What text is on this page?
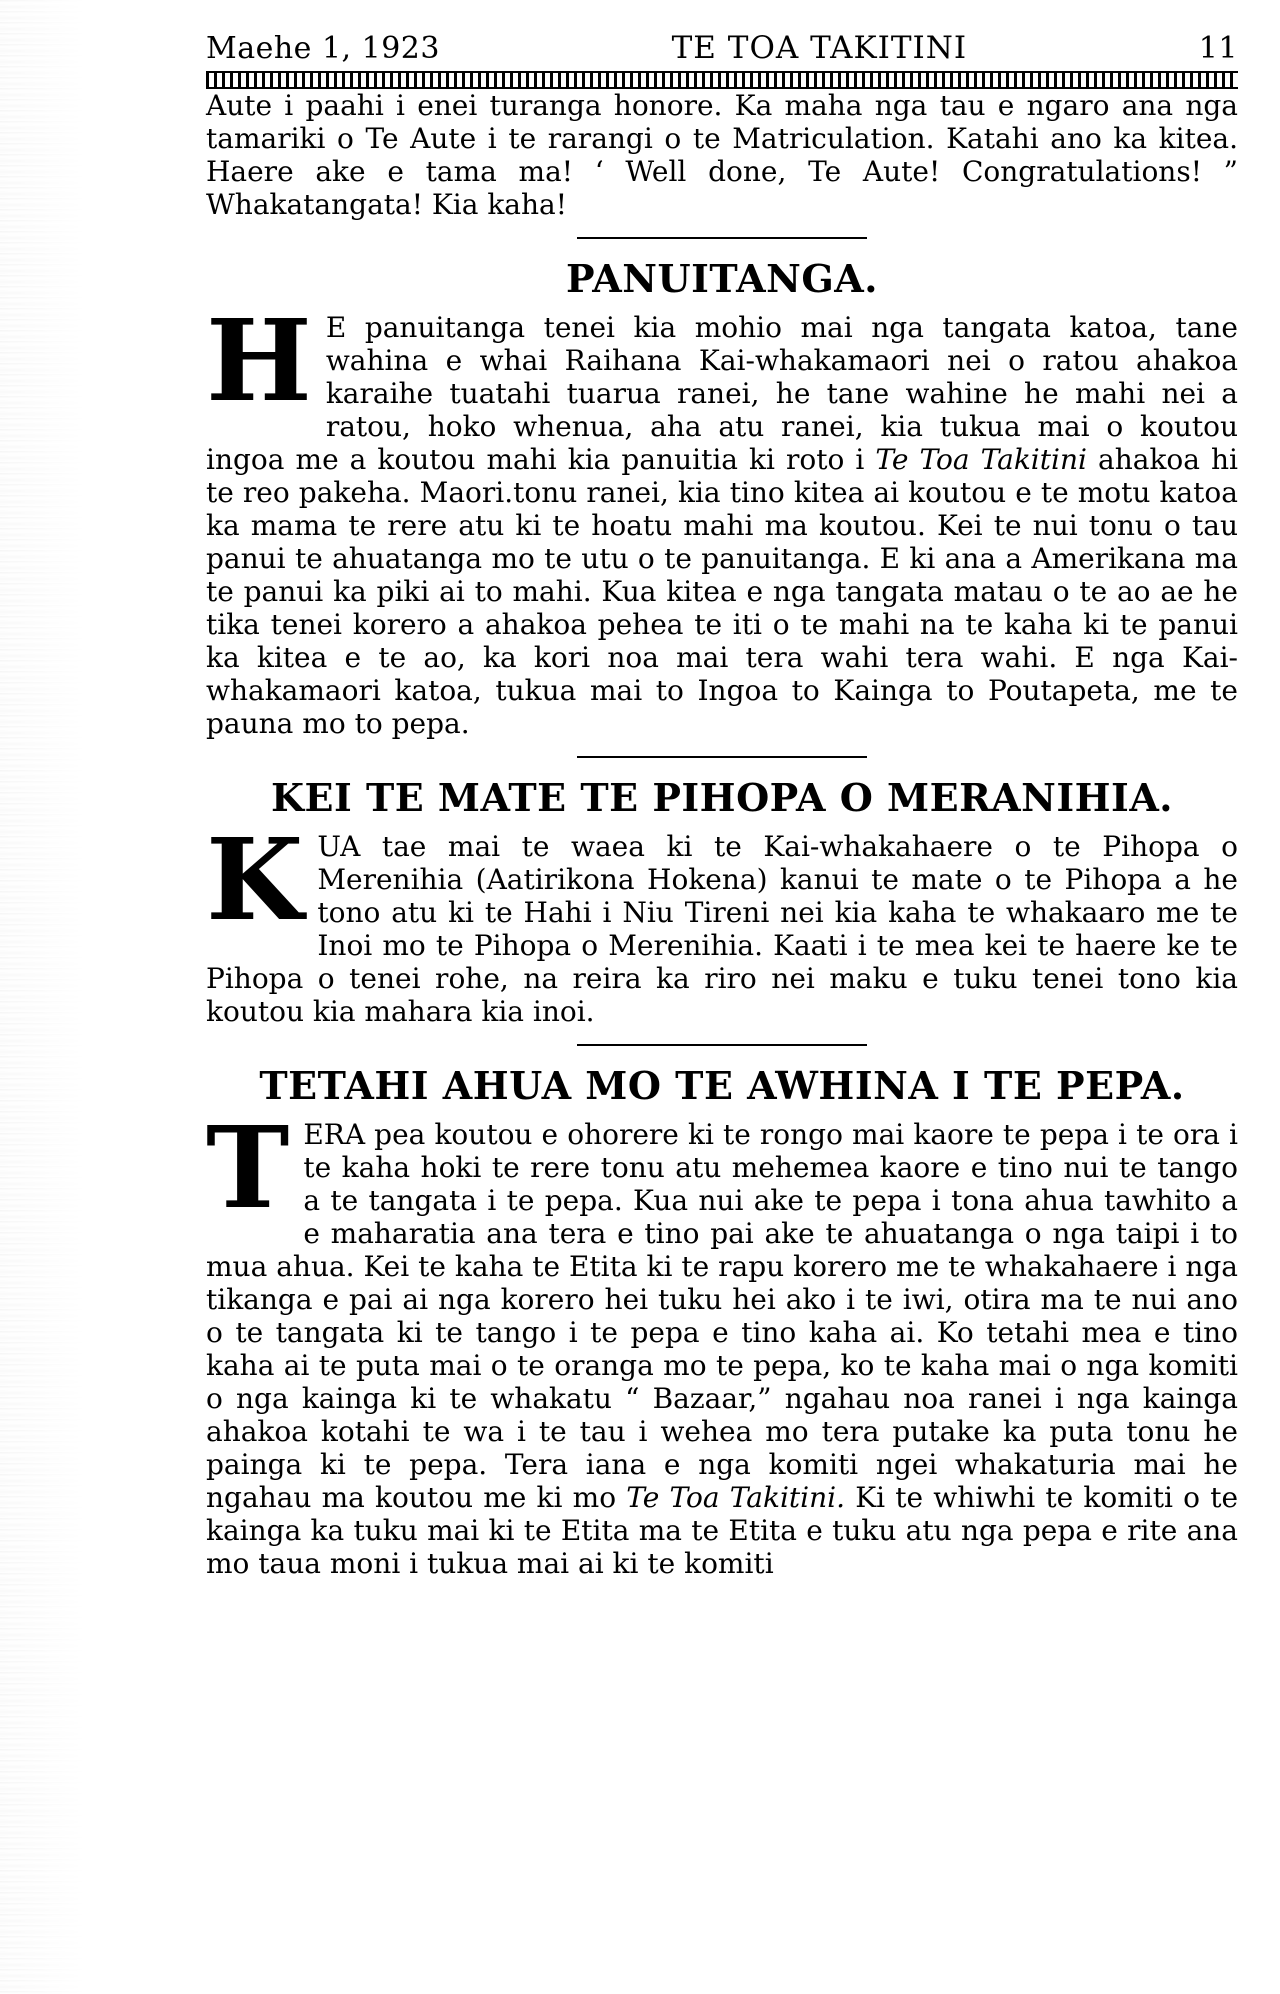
Maehe 1, 1923	TE TOA TAKITINI	11

Aute i paahi i enei turanga honore. Ka maha nga tau e ngaro ana nga tamariki o Te Aute i te rarangi o te Matriculation. Katahi ano ka kitea. Haere ake e tama ma! ‘ Well done, Te Aute! Congratulations! ” Whakatangata! Kia kaha!

PANUITANGA.
H E panuitanga tenei kia mohio mai nga tangata katoa, tane wahina e whai Raihana Kai-whakamaori nei o ratou ahakoa karaihe tuatahi tuarua ranei, he tane wahine he mahi nei a ratou, hoko whenua, aha atu ranei, kia tukua mai o koutou ingoa me a koutou mahi kia panuitia ki roto i Te Toa Takitini ahakoa hi te reo pakeha. Maori.tonu ranei, kia tino kitea ai koutou e te motu katoa ka mama te rere atu ki te hoatu mahi ma koutou. Kei te nui tonu o tau panui te ahuatanga mo te utu o te panuitanga. E ki ana a Amerikana ma te panui ka piki ai to mahi. Kua kitea e nga tangata matau o te ao ae he tika tenei korero a ahakoa pehea te iti o te mahi na te kaha ki te panui ka kitea e te ao, ka kori noa mai tera wahi tera wahi. E nga Kai-whakamaori katoa, tukua mai to Ingoa to Kainga to Poutapeta, me te pauna mo to pepa.

KEI TE MATE TE PIHOPA O MERANIHIA.
K UA tae mai te waea ki te Kai-whakahaere o te Pihopa o Merenihia (Aatirikona Hokena) kanui te mate o te Pihopa a he tono atu ki te Hahi i Niu Tireni nei kia kaha te whakaaro me te Inoi mo te Pihopa o Merenihia. Kaati i te mea kei te haere ke te Pihopa o tenei rohe, na reira ka riro nei maku e tuku tenei tono kia koutou kia mahara kia inoi.

TETAHI AHUA MO TE AWHINA I TE PEPA.
T ERA pea koutou e ohorere ki te rongo mai kaore te pepa i te ora i te kaha hoki te rere tonu atu mehemea kaore e tino nui te tango a te tangata i te pepa. Kua nui ake te pepa i tona ahua tawhito a e maharatia ana tera e tino pai ake te ahuatanga o nga taipi i to mua ahua. Kei te kaha te Etita ki te rapu korero me te whakahaere i nga tikanga e pai ai nga korero hei tuku hei ako i te iwi, otira ma te nui ano o te tangata ki te tango i te pepa e tino kaha ai. Ko tetahi mea e tino kaha ai te puta mai o te oranga mo te pepa, ko te kaha mai o nga komiti o nga kainga ki te whakatu “ Bazaar,” ngahau noa ranei i nga kainga ahakoa kotahi te wa i te tau i wehea mo tera putake ka puta tonu he painga ki te pepa. Tera iana e nga komiti ngei whakaturia mai he ngahau ma koutou me ki mo Te Toa Takitini. Ki te whiwhi te komiti o te kainga ka tuku mai ki te Etita ma te Etita e tuku atu nga pepa e rite ana mo taua moni i tukua mai ai ki te komiti
